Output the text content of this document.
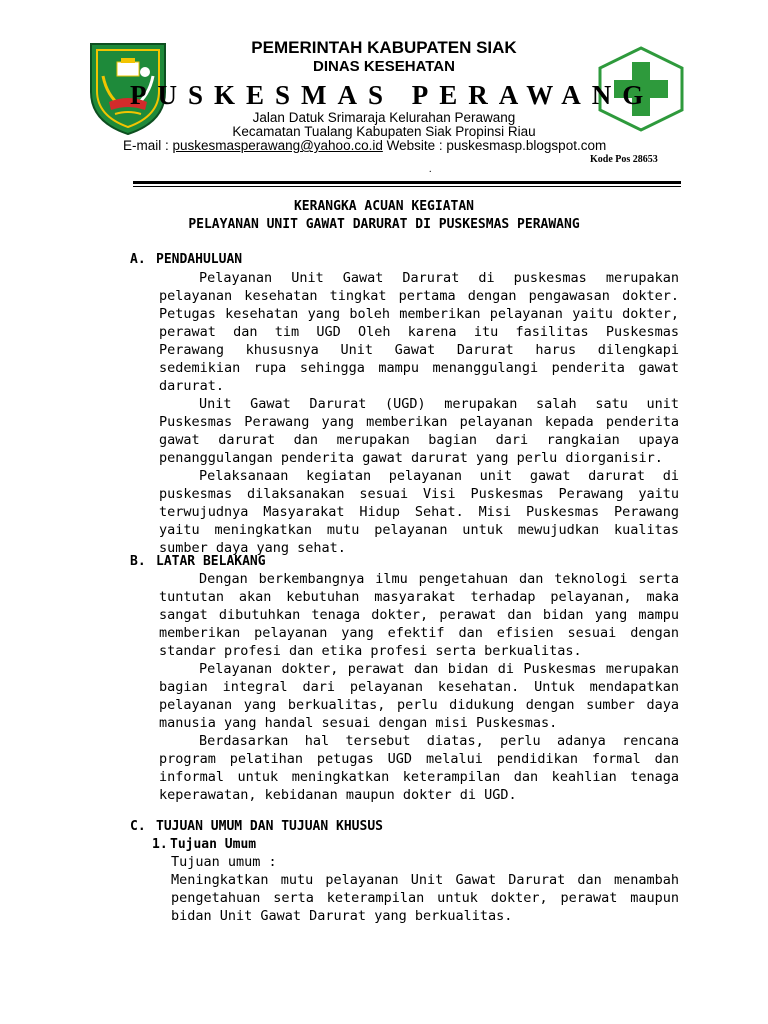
PEMERINTAH KABUPATEN SIAK
DINAS KESEHATAN
PUSKESMAS PERAWANG
Jalan Datuk Srimaraja Kelurahan Perawang
Kecamatan Tualang Kabupaten Siak Propinsi Riau
E-mail : puskesmasperawang@yahoo.co.id Website : puskesmasp.blogspot.com
Kode Pos 28653
.
KERANGKA ACUAN KEGIATAN
PELAYANAN UNIT GAWAT DARURAT DI PUSKESMAS PERAWANG
A. PENDAHULUAN

Pelayanan Unit Gawat Darurat di puskesmas merupakan pelayanan kesehatan tingkat pertama dengan pengawasan dokter. Petugas kesehatan yang boleh memberikan pelayanan yaitu dokter, perawat dan tim UGD Oleh karena itu fasilitas Puskesmas Perawang khususnya Unit Gawat Darurat harus dilengkapi sedemikian rupa sehingga mampu menanggulangi penderita gawat darurat.

Unit Gawat Darurat (UGD) merupakan salah satu unit Puskesmas Perawang yang memberikan pelayanan kepada penderita gawat darurat dan merupakan bagian dari rangkaian upaya penanggulangan penderita gawat darurat yang perlu diorganisir.

Pelaksanaan kegiatan pelayanan unit gawat darurat di puskesmas dilaksanakan sesuai Visi Puskesmas Perawang yaitu terwujudnya Masyarakat Hidup Sehat. Misi Puskesmas Perawang yaitu meningkatkan mutu pelayanan untuk mewujudkan kualitas sumber daya yang sehat.

B. LATAR BELAKANG

Dengan berkembangnya ilmu pengetahuan dan teknologi serta tuntutan akan kebutuhan masyarakat terhadap pelayanan, maka sangat dibutuhkan tenaga dokter, perawat dan bidan yang mampu memberikan pelayanan yang efektif dan efisien sesuai dengan standar profesi dan etika profesi serta berkualitas.

Pelayanan dokter, perawat dan bidan di Puskesmas merupakan bagian integral dari pelayanan kesehatan. Untuk mendapatkan pelayanan yang berkualitas, perlu didukung dengan sumber daya manusia yang handal sesuai dengan misi Puskesmas.

Berdasarkan hal tersebut diatas, perlu adanya rencana program pelatihan petugas UGD melalui pendidikan formal dan informal untuk meningkatkan keterampilan dan keahlian tenaga keperawatan, kebidanan maupun dokter di UGD.

C. TUJUAN UMUM DAN TUJUAN KHUSUS
1. Tujuan Umum
Tujuan umum :

Meningkatkan mutu pelayanan Unit Gawat Darurat dan menambah pengetahuan serta keterampilan untuk dokter, perawat maupun bidan Unit Gawat Darurat yang berkualitas.
